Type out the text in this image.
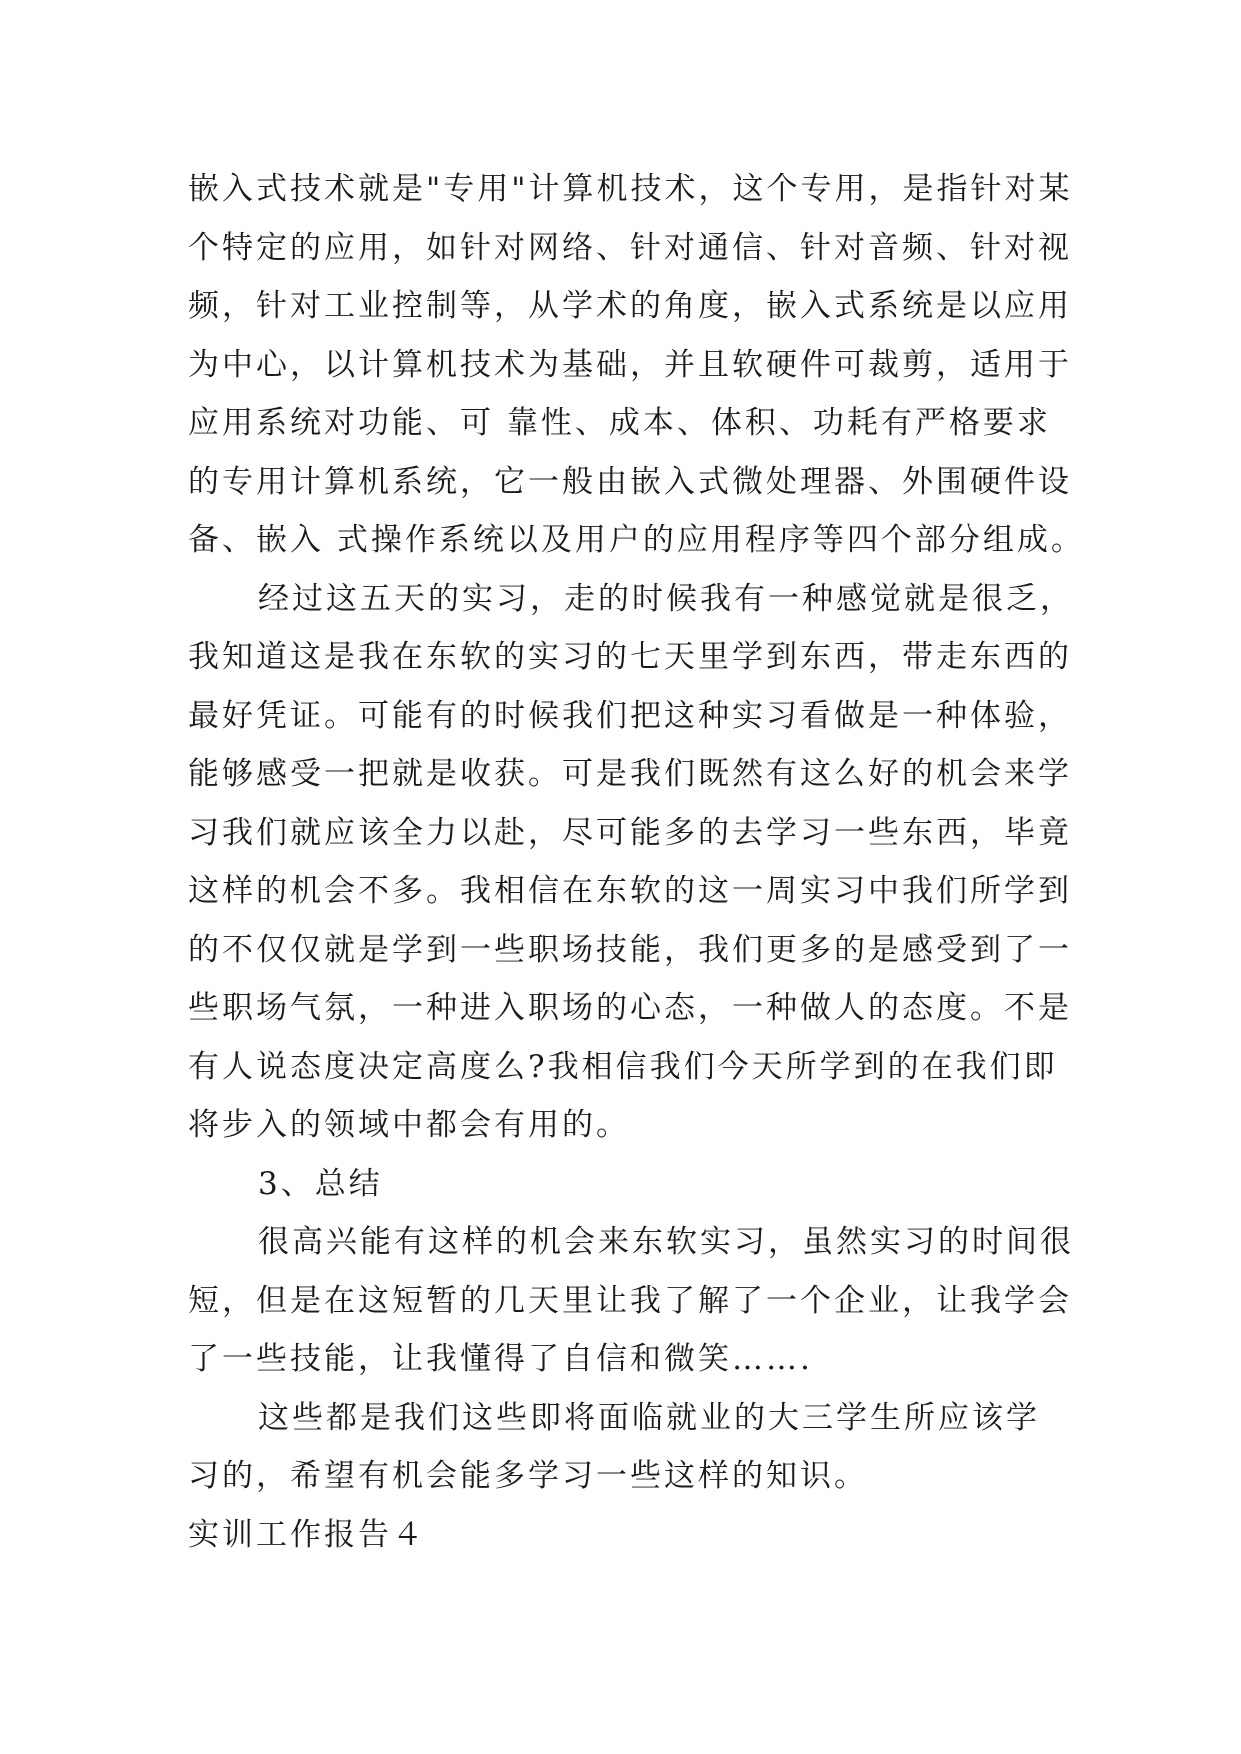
嵌入式技术就是"专用"计算机技术，这个专用，是指针对某
个特定的应用，如针对网络、针对通信、针对音频、针对视
频，针对工业控制等，从学术的角度，嵌入式系统是以应用
为中心，以计算机技术为基础，并且软硬件可裁剪，适用于
应用系统对功能、可 靠性、成本、体积、功耗有严格要求
的专用计算机系统，它一般由嵌入式微处理器、外围硬件设
备、嵌入 式操作系统以及用户的应用程序等四个部分组成。
经过这五天的实习，走的时候我有一种感觉就是很乏，
我知道这是我在东软的实习的七天里学到东西，带走东西的
最好凭证。可能有的时候我们把这种实习看做是一种体验，
能够感受一把就是收获。可是我们既然有这么好的机会来学
习我们就应该全力以赴，尽可能多的去学习一些东西，毕竟
这样的机会不多。我相信在东软的这一周实习中我们所学到
的不仅仅就是学到一些职场技能，我们更多的是感受到了一
些职场气氛，一种进入职场的心态，一种做人的态度。不是
有人说态度决定高度么?我相信我们今天所学到的在我们即
将步入的领域中都会有用的。
3、总结
很高兴能有这样的机会来东软实习，虽然实习的时间很
短，但是在这短暂的几天里让我了解了一个企业，让我学会
了一些技能，让我懂得了自信和微笑…….
这些都是我们这些即将面临就业的大三学生所应该学
习的，希望有机会能多学习一些这样的知识。
实训工作报告４
